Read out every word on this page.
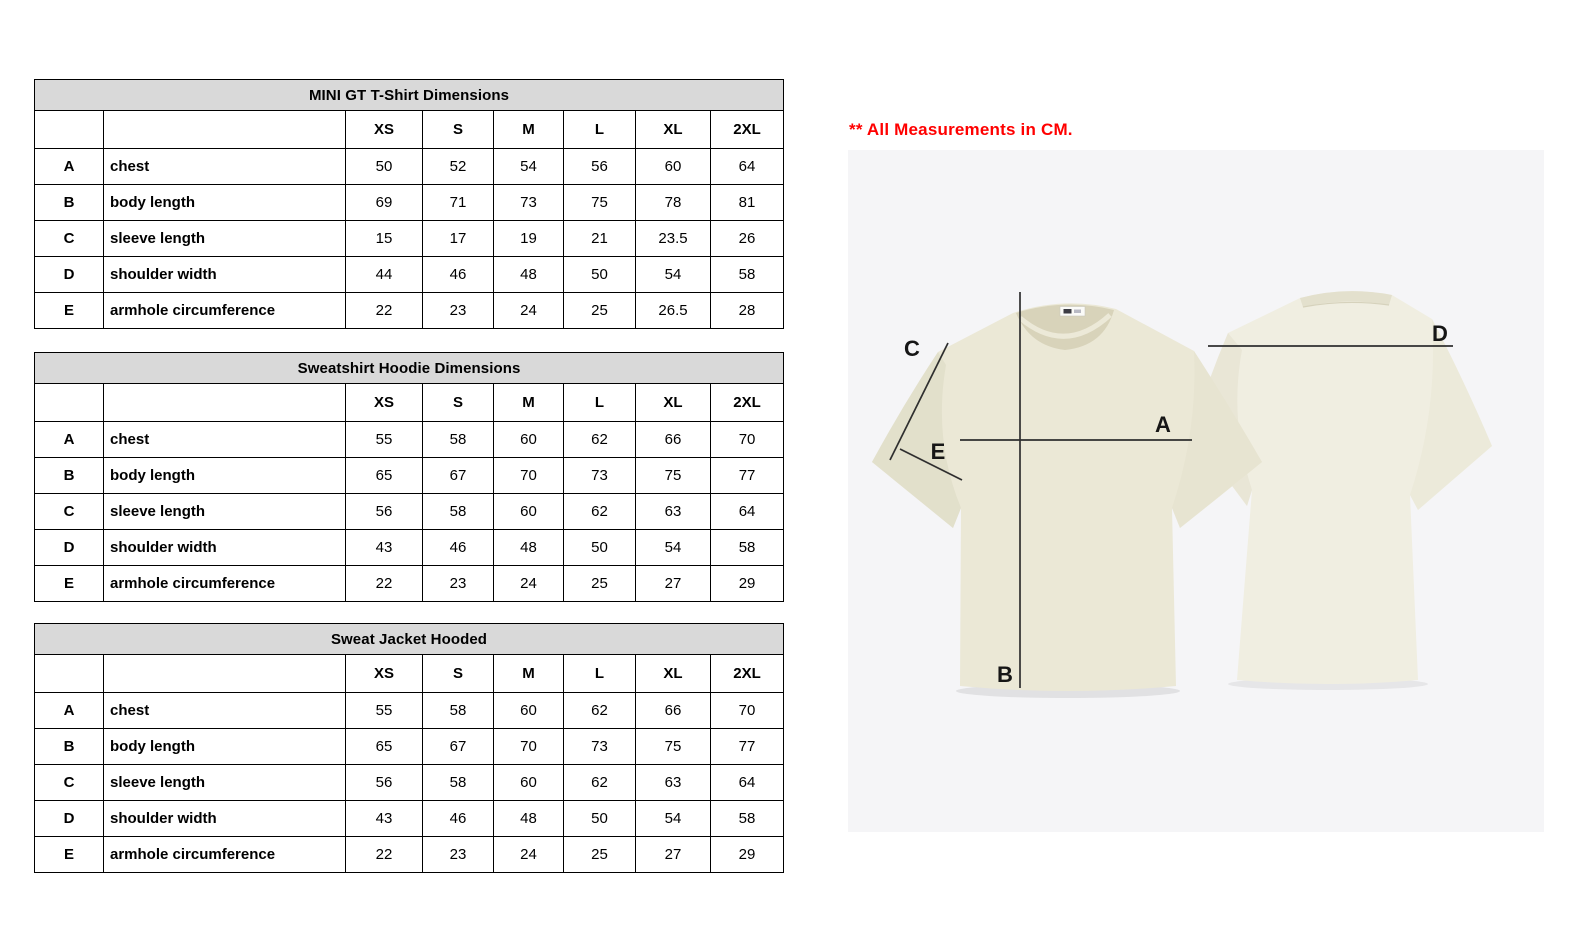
MINI GT T-Shirt Dimensions							
		XS	S	M	L	XL	2XL
A	chest	50	52	54	56	60	64
B	body length	69	71	73	75	78	81
C	sleeve length	15	17	19	21	23.5	26
D	shoulder width	44	46	48	50	54	58
E	armhole circumference	22	23	24	25	26.5	28
Sweatshirt Hoodie Dimensions							
		XS	S	M	L	XL	2XL
A	chest	55	58	60	62	66	70
B	body length	65	67	70	73	75	77
C	sleeve length	56	58	60	62	63	64
D	shoulder width	43	46	48	50	54	58
E	armhole circumference	22	23	24	25	27	29
Sweat Jacket Hooded							
		XS	S	M	L	XL	2XL
A	chest	55	58	60	62	66	70
B	body length	65	67	70	73	75	77
C	sleeve length	56	58	60	62	63	64
D	shoulder width	43	46	48	50	54	58
E	armhole circumference	22	23	24	25	27	29
** All Measurements in CM.
A
B
C
D
E
